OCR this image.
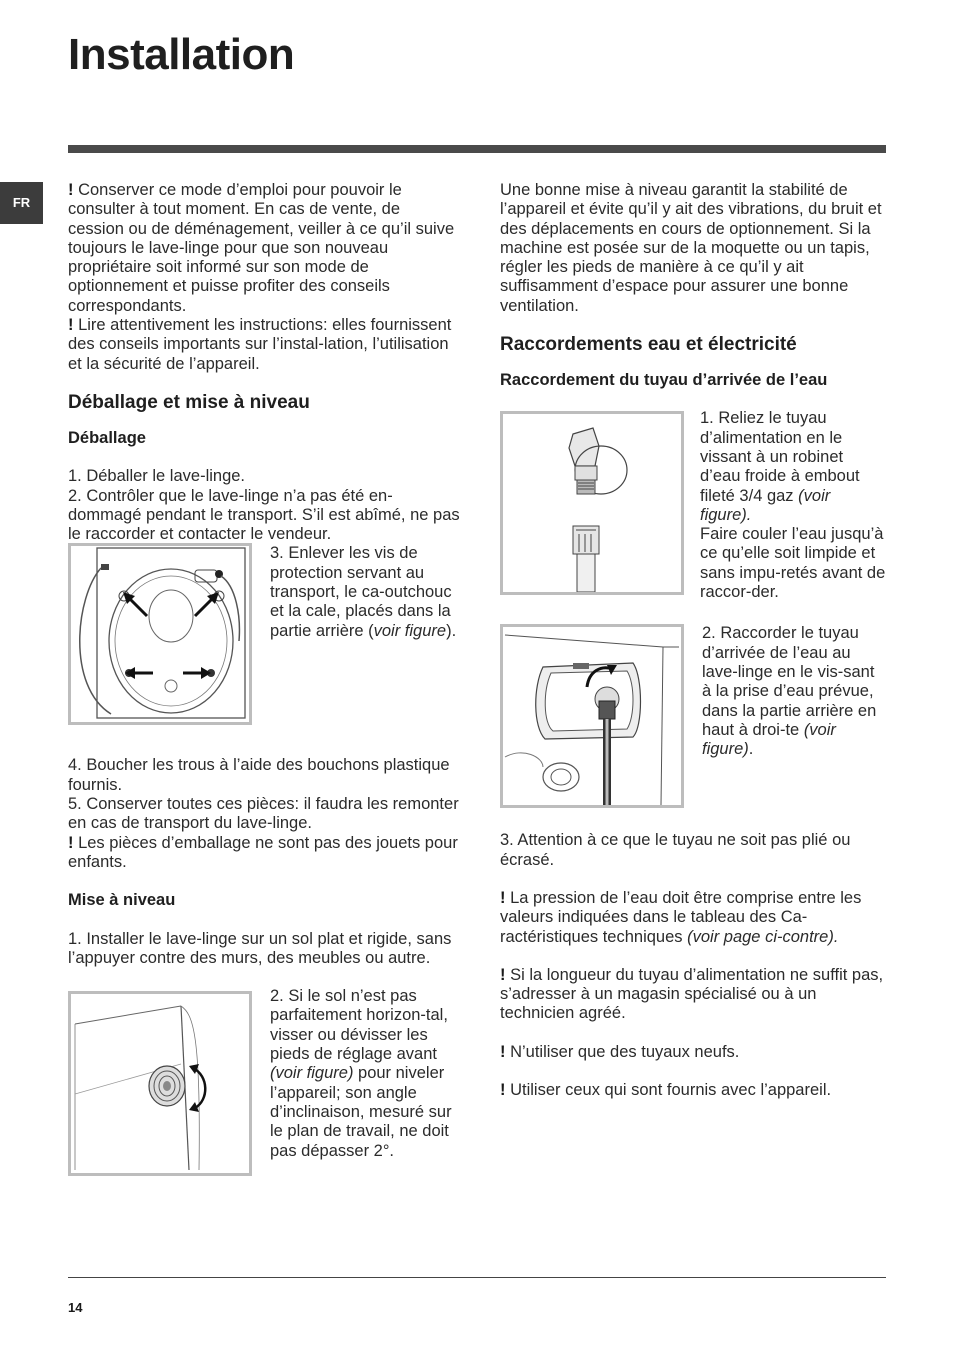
Installation
FR

! Conserver ce mode d’emploi pour pouvoir le consulter à tout moment. En cas de vente, de cession ou de déménagement, veiller à ce qu’il suive toujours le lave-linge pour que son nouveau propriétaire soit informé sur son mode de optionnement et puisse profiter des conseils correspondants.

! Lire attentivement les instructions: elles fournissent des conseils importants sur l’instal-lation, l’utilisation et la sécurité de l’appareil.

Déballage et mise à niveau
Déballage

1. Déballer le lave-linge.

2. Contrôler que le lave-linge n’a pas été en-dommagé pendant le transport. S’il est abîmé, ne pas le raccorder et contacter le vendeur.

3. Enlever les vis de protection servant au transport, le ca-outchouc et la cale, placés dans la partie arrière (voir figure).

4. Boucher les trous à l’aide des bouchons plastique fournis.

5. Conserver toutes ces pièces: il faudra les remonter en cas de transport du lave-linge.

! Les pièces d’emballage ne sont pas des jouets pour enfants.

Mise à niveau

1. Installer le lave-linge sur un sol plat et rigide, sans l’appuyer contre des murs, des meubles ou autre.

2. Si le sol n’est pas parfaitement horizon-tal, visser ou dévisser les pieds de réglage avant (voir figure) pour niveler l’appareil; son angle d’inclinaison, mesuré sur le plan de travail, ne doit pas dépasser 2°.

Une bonne mise à niveau garantit la stabilité de l’appareil et évite qu’il y ait des vibrations, du bruit et des déplacements en cours de optionnement. Si la machine est posée sur de la moquette ou un tapis, régler les pieds de manière à ce qu’il y ait suffisamment d’espace pour assurer une bonne ventilation.

Raccordements eau et électricité
Raccordement du tuyau d’arrivée de l’eau
1. Reliez le tuyau d’alimentation en le vissant à un robinet d’eau froide à embout fileté 3/4 gaz (voir figure).
Faire couler l’eau jusqu’à ce qu’elle soit limpide et sans impu-retés avant de raccor-der.
2. Raccorder le tuyau d’arrivée de l’eau au lave-linge en le vis-sant à la prise d’eau prévue, dans la partie arrière en haut à droi-te (voir figure).

3. Attention à ce que le tuyau ne soit pas plié ou écrasé.

! La pression de l’eau doit être comprise entre les valeurs indiquées dans le tableau des Ca-ractéristiques techniques (voir page ci-contre).

! Si la longueur du tuyau d’alimentation ne suffit pas, s’adresser à un magasin spécialisé ou à un technicien agréé.

! N’utiliser que des tuyaux neufs.

! Utiliser ceux qui sont fournis avec l’appareil.

14
